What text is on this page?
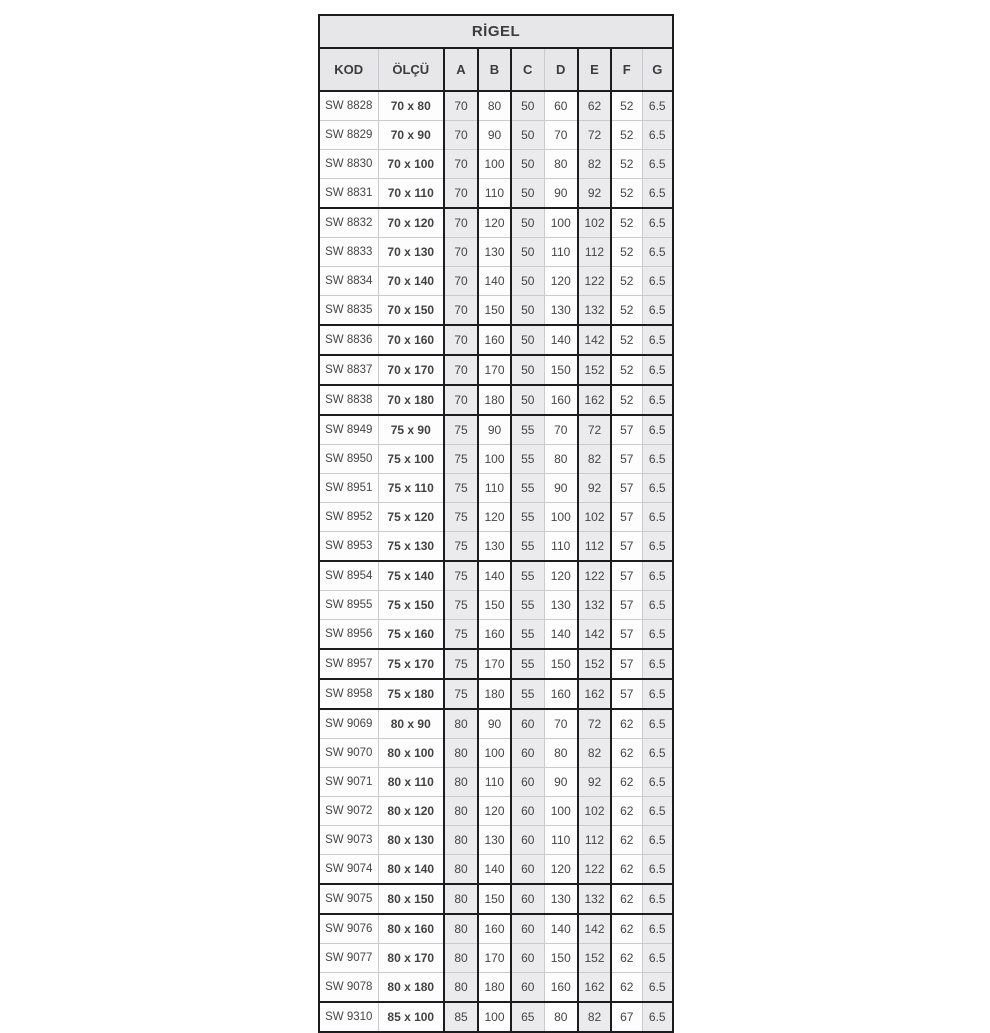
RİGEL								
KOD	ÖLÇÜ	A	B	C	D	E	F	G
SW 8828	70 x 80	70	80	50	60	62	52	6.5
SW 8829	70 x 90	70	90	50	70	72	52	6.5
SW 8830	70 x 100	70	100	50	80	82	52	6.5
SW 8831	70 x 110	70	110	50	90	92	52	6.5
SW 8832	70 x 120	70	120	50	100	102	52	6.5
SW 8833	70 x 130	70	130	50	110	112	52	6.5
SW 8834	70 x 140	70	140	50	120	122	52	6.5
SW 8835	70 x 150	70	150	50	130	132	52	6.5
SW 8836	70 x 160	70	160	50	140	142	52	6.5
SW 8837	70 x 170	70	170	50	150	152	52	6.5
SW 8838	70 x 180	70	180	50	160	162	52	6.5
SW 8949	75 x 90	75	90	55	70	72	57	6.5
SW 8950	75 x 100	75	100	55	80	82	57	6.5
SW 8951	75 x 110	75	110	55	90	92	57	6.5
SW 8952	75 x 120	75	120	55	100	102	57	6.5
SW 8953	75 x 130	75	130	55	110	112	57	6.5
SW 8954	75 x 140	75	140	55	120	122	57	6.5
SW 8955	75 x 150	75	150	55	130	132	57	6.5
SW 8956	75 x 160	75	160	55	140	142	57	6.5
SW 8957	75 x 170	75	170	55	150	152	57	6.5
SW 8958	75 x 180	75	180	55	160	162	57	6.5
SW 9069	80 x 90	80	90	60	70	72	62	6.5
SW 9070	80 x 100	80	100	60	80	82	62	6.5
SW 9071	80 x 110	80	110	60	90	92	62	6.5
SW 9072	80 x 120	80	120	60	100	102	62	6.5
SW 9073	80 x 130	80	130	60	110	112	62	6.5
SW 9074	80 x 140	80	140	60	120	122	62	6.5
SW 9075	80 x 150	80	150	60	130	132	62	6.5
SW 9076	80 x 160	80	160	60	140	142	62	6.5
SW 9077	80 x 170	80	170	60	150	152	62	6.5
SW 9078	80 x 180	80	180	60	160	162	62	6.5
SW 9310	85 x 100	85	100	65	80	82	67	6.5
